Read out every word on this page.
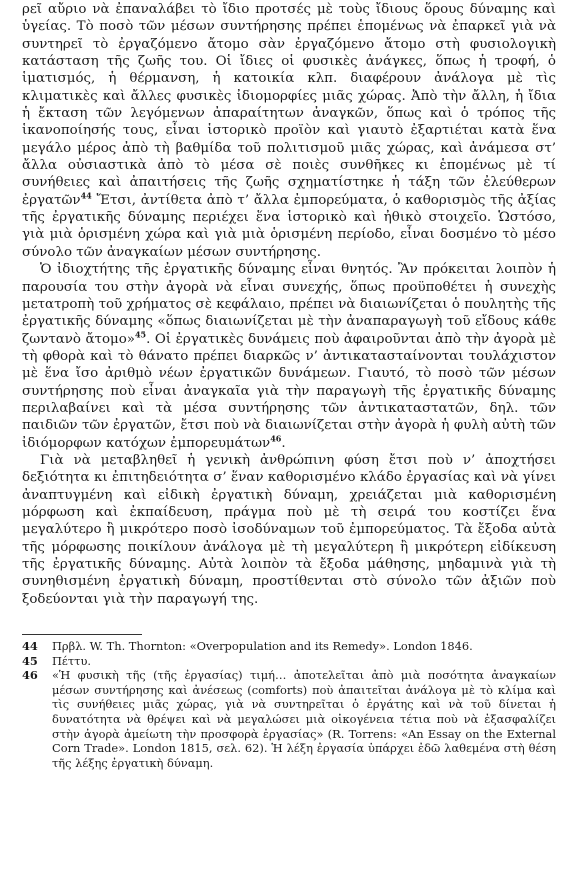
ρεῖ αὔριο νὰ ἐπαναλάβει τὸ ἴδιο προτσές μὲ τοὺς ἴδιους ὅρους δύναμης καὶ ὑγείας. Τὸ ποσὸ τῶν μέσων συντήρησης πρέπει ἑπομένως νὰ ἐπαρκεῖ γιὰ νὰ συντηρεῖ τὸ ἐργαζόμενο ἄτομο σὰν ἐργαζόμενο ἄτομο στὴ φυσιολογικὴ κατάσταση τῆς ζωῆς του. Οἱ ἴδιες οἱ φυσικὲς ἀνάγκες, ὅπως ἡ τροφή, ὁ ἱματισμός, ἡ θέρμανση, ἡ κατοικία κλπ. διαφέρουν ἀνάλογα μὲ τὶς κλιματικὲς καὶ ἄλλες φυσικὲς ἰδιομορφίες μιᾶς χώρας. Ἀπὸ τὴν ἄλλη, ἡ ἴδια ἡ ἔκταση τῶν λεγόμενων ἀπαραίτητων ἀναγκῶν, ὅπως καὶ ὁ τρόπος τῆς ἱκανοποίησής τους, εἶναι ἱστορικὸ προϊὸν καὶ γιαυτὸ ἐξαρτιέται κατὰ ἕνα μεγάλο μέρος ἀπὸ τὴ βαθμίδα τοῦ πολιτισμοῦ μιᾶς χώρας, καὶ ἀνάμεσα στ’ ἄλλα οὐσιαστικὰ ἀπὸ τὸ μέσα σὲ ποιὲς συνθῆκες κι ἑπομένως μὲ τί συνήθειες καὶ ἀπαιτήσεις τῆς ζωῆς σχηματίστηκε ἡ τάξη τῶν ἐλεύθερων ἐργατῶν$^{44}$ Ἔτσι, ἀντίθετα ἀπὸ τ’ ἄλλα ἐμπορεύματα, ὁ καθορισμὸς τῆς ἀξίας τῆς ἐργατικῆς δύναμης περιέχει ἕνα ἱστορικὸ καὶ ἠθικὸ στοιχεῖο. Ὡστόσο, γιὰ μιὰ ὁρισμένη χώρα καὶ γιὰ μιὰ ὁρισμένη περίοδο, εἶναι δοσμένο τὸ μέσο σύνολο τῶν ἀναγκαίων μέσων συντήρησης.

Ὁ ἰδιοχτήτης τῆς ἐργατικῆς δύναμης εἶναι θνητός. Ἂν πρόκειται λοιπὸν ἡ παρουσία του στὴν ἀγορὰ νὰ εἶναι συνεχής, ὅπως προϋποθέτει ἡ συνεχὴς μετατροπὴ τοῦ χρήματος σὲ κεφάλαιο, πρέπει νὰ διαιωνίζεται ὁ πουλητὴς τῆς ἐργατικῆς δύναμης «ὅπως διαιωνίζεται μὲ τὴν ἀναπαραγωγὴ τοῦ εἴδους κάθε ζωντανὸ ἄτομο»$^{45}$. Οἱ ἐργατικὲς δυνάμεις ποὺ ἀφαιροῦνται ἀπὸ τὴν ἀγορὰ μὲ τὴ φθορὰ καὶ τὸ θάνατο πρέπει διαρκῶς ν’ ἀντικατασταίνονται τουλάχιστον μὲ ἕνα ἴσο ἀριθμὸ νέων ἐργατικῶν δυνάμεων. Γιαυτό, τὸ ποσὸ τῶν μέσων συντήρησης ποὺ εἶναι ἀναγκαῖα γιὰ τὴν παραγωγὴ τῆς ἐργατικῆς δύναμης περιλαβαίνει καὶ τὰ μέσα συντήρησης τῶν ἀντικαταστατῶν, δηλ. τῶν παιδιῶν τῶν ἐργατῶν, ἔτσι ποὺ νὰ διαιωνίζεται στὴν ἀγορὰ ἡ φυλὴ αὐτὴ τῶν ἰδιόμορφων κατόχων ἐμπορευμάτων$^{46}$.

Γιὰ νὰ μεταβληθεῖ ἡ γενικὴ ἀνθρώπινη φύση ἔτσι ποὺ ν’ ἀποχτήσει δεξιότητα κι ἐπιτηδειότητα σ’ ἕναν καθορισμένο κλάδο ἐργασίας καὶ νὰ γίνει ἀναπτυγμένη καὶ εἰδικὴ ἐργατικὴ δύναμη, χρειάζεται μιὰ καθορισμένη μόρφωση καὶ ἐκπαίδευση, πράγμα ποὺ μὲ τὴ σειρά του κοστίζει ἕνα μεγαλύτερο ἢ μικρότερο ποσὸ ἰσοδύναμων τοῦ ἐμπορεύματος. Τὰ ἔξοδα αὐτὰ τῆς μόρφωσης ποικίλουν ἀνάλογα μὲ τὴ μεγαλύτερη ἢ μικρότερη εἰδίκευση τῆς ἐργατικῆς δύναμης. Αὐτὰ λοιπὸν τὰ ἔξοδα μάθησης, μηδαμινὰ γιὰ τὴ συνηθισμένη ἐργατικὴ δύναμη, προστίθενται στὸ σύνολο τῶν ἀξιῶν ποὺ ξοδεύονται γιὰ τὴν παραγωγή της.

44 Πρβλ. W. Th. Thornton: «Overpopulation and its Remedy». London 1846.
45 Πέττυ.
46 «Ἡ φυσικὴ τῆς (τῆς ἐργασίας) τιμή… ἀποτελεῖται ἀπὸ μιὰ ποσότητα ἀναγκαίων μέσων συντήρησης καὶ ἀνέσεως (comforts) ποὺ ἀπαιτεῖται ἀνάλογα μὲ τὸ κλίμα καὶ τὶς συνήθειες μιᾶς χώρας, γιὰ νὰ συντηρεῖται ὁ ἐργάτης καὶ νὰ τοῦ δίνεται ἡ δυνατότητα νὰ θρέψει καὶ νὰ μεγαλώσει μιὰ οἰκογένεια τέτια ποὺ νὰ ἐξασφαλίζει στὴν ἀγορὰ ἀμείωτη τὴν προσφορὰ ἐργασίας» (R. Torrens: «An Essay on the External Corn Trade». London 1815, σελ. 62). Ἡ λέξη ἐργασία ὑπάρχει ἐδῶ λαθεμένα στὴ θέση τῆς λέξης ἐργατικὴ δύναμη.
